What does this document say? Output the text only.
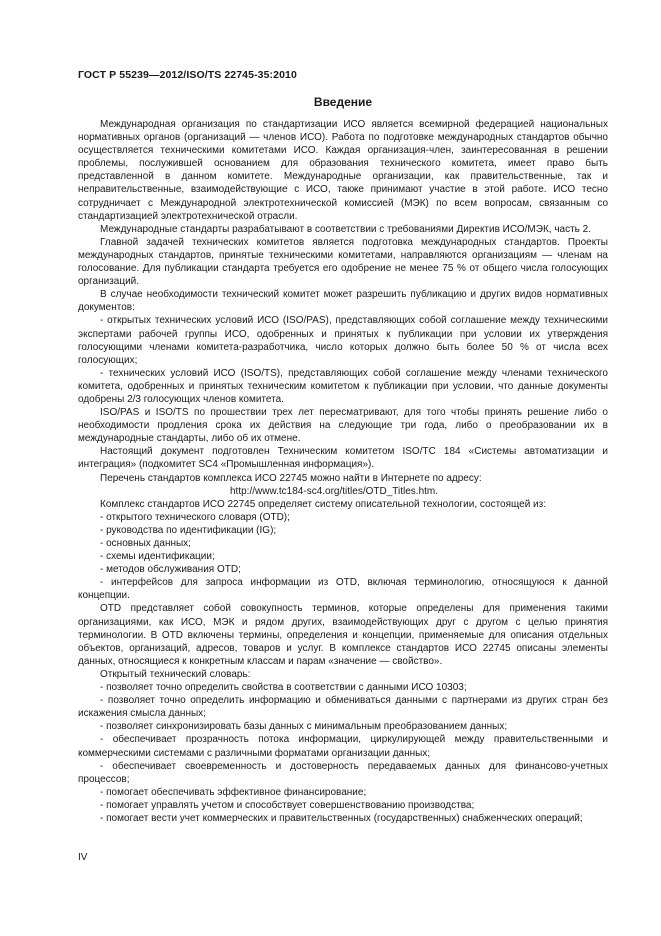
ГОСТ Р 55239—2012/ISO/TS 22745-35:2010
Введение

Международная организация по стандартизации ИСО является всемирной федерацией национальных нормативных органов (организаций — членов ИСО). Работа по подготовке международных стандартов обычно осуществляется техническими комитетами ИСО. Каждая организация-член, заинтересованная в решении проблемы, послужившей основанием для образования технического комитета, имеет право быть представленной в данном комитете. Международные организации, как правительственные, так и неправительственные, взаимодействующие с ИСО, также принимают участие в этой работе. ИСО тесно сотрудничает с Международной электротехнической комиссией (МЭК) по всем вопросам, связанным со стандартизацией электротехнической отрасли.

Международные стандарты разрабатывают в соответствии с требованиями Директив ИСО/МЭК, часть 2.

Главной задачей технических комитетов является подготовка международных стандартов. Проекты международных стандартов, принятые техническими комитетами, направляются организациям — членам на голосование. Для публикации стандарта требуется его одобрение не менее 75 % от общего числа голосующих организаций.

В случае необходимости технический комитет может разрешить публикацию и других видов нормативных документов:

- открытых технических условий ИСО (ISO/PAS), представляющих собой соглашение между техническими экспертами рабочей группы ИСО, одобренных и принятых к публикации при условии их утверждения голосующими членами комитета-разработчика, число которых должно быть более 50 % от числа всех голосующих;

- технических условий ИСО (ISO/TS), представляющих собой соглашение между членами технического комитета, одобренных и принятых техническим комитетом к публикации при условии, что данные документы одобрены 2/3 голосующих членов комитета.

ISO/PAS и ISO/TS по прошествии трех лет пересматривают, для того чтобы принять решение либо о необходимости продления срока их действия на следующие три года, либо о преобразовании их в международные стандарты, либо об их отмене.

Настоящий документ подготовлен Техническим комитетом ISO/TC 184 «Системы автоматизации и интеграция» (подкомитет SC4 «Промышленная информация»).

Перечень стандартов комплекса ИСО 22745 можно найти в Интернете по адресу:

http://www.tc184-sc4.org/titles/OTD_Titles.htm.

Комплекс стандартов ИСО 22745 определяет систему описательной технологии, состоящей из:

- открытого технического словаря (OTD);

- руководства по идентификации (IG);

- основных данных;

- схемы идентификации;

- методов обслуживания OTD;

- интерфейсов для запроса информации из OTD, включая терминологию, относящуюся к данной концепции.

OTD представляет собой совокупность терминов, которые определены для применения такими организациями, как ИСО, МЭК и рядом других, взаимодействующих друг с другом с целью принятия терминологии. В OTD включены термины, определения и концепции, применяемые для описания отдельных объектов, организаций, адресов, товаров и услуг. В комплексе стандартов ИСО 22745 описаны элементы данных, относящиеся к конкретным классам и парам «значение — свойство».

Открытый технический словарь:

- позволяет точно определить свойства в соответствии с данными ИСО 10303;

- позволяет точно определить информацию и обмениваться данными с партнерами из других стран без искажения смысла данных;

- позволяет синхронизировать базы данных с минимальным преобразованием данных;

- обеспечивает прозрачность потока информации, циркулирующей между правительственными и коммерческими системами с различными форматами организации данных;

- обеспечивает своевременность и достоверность передаваемых данных для финансово-учетных процессов;

- помогает обеспечивать эффективное финансирование;

- помогает управлять учетом и способствует совершенствованию производства;

- помогает вести учет коммерческих и правительственных (государственных) снабженческих операций;

IV
